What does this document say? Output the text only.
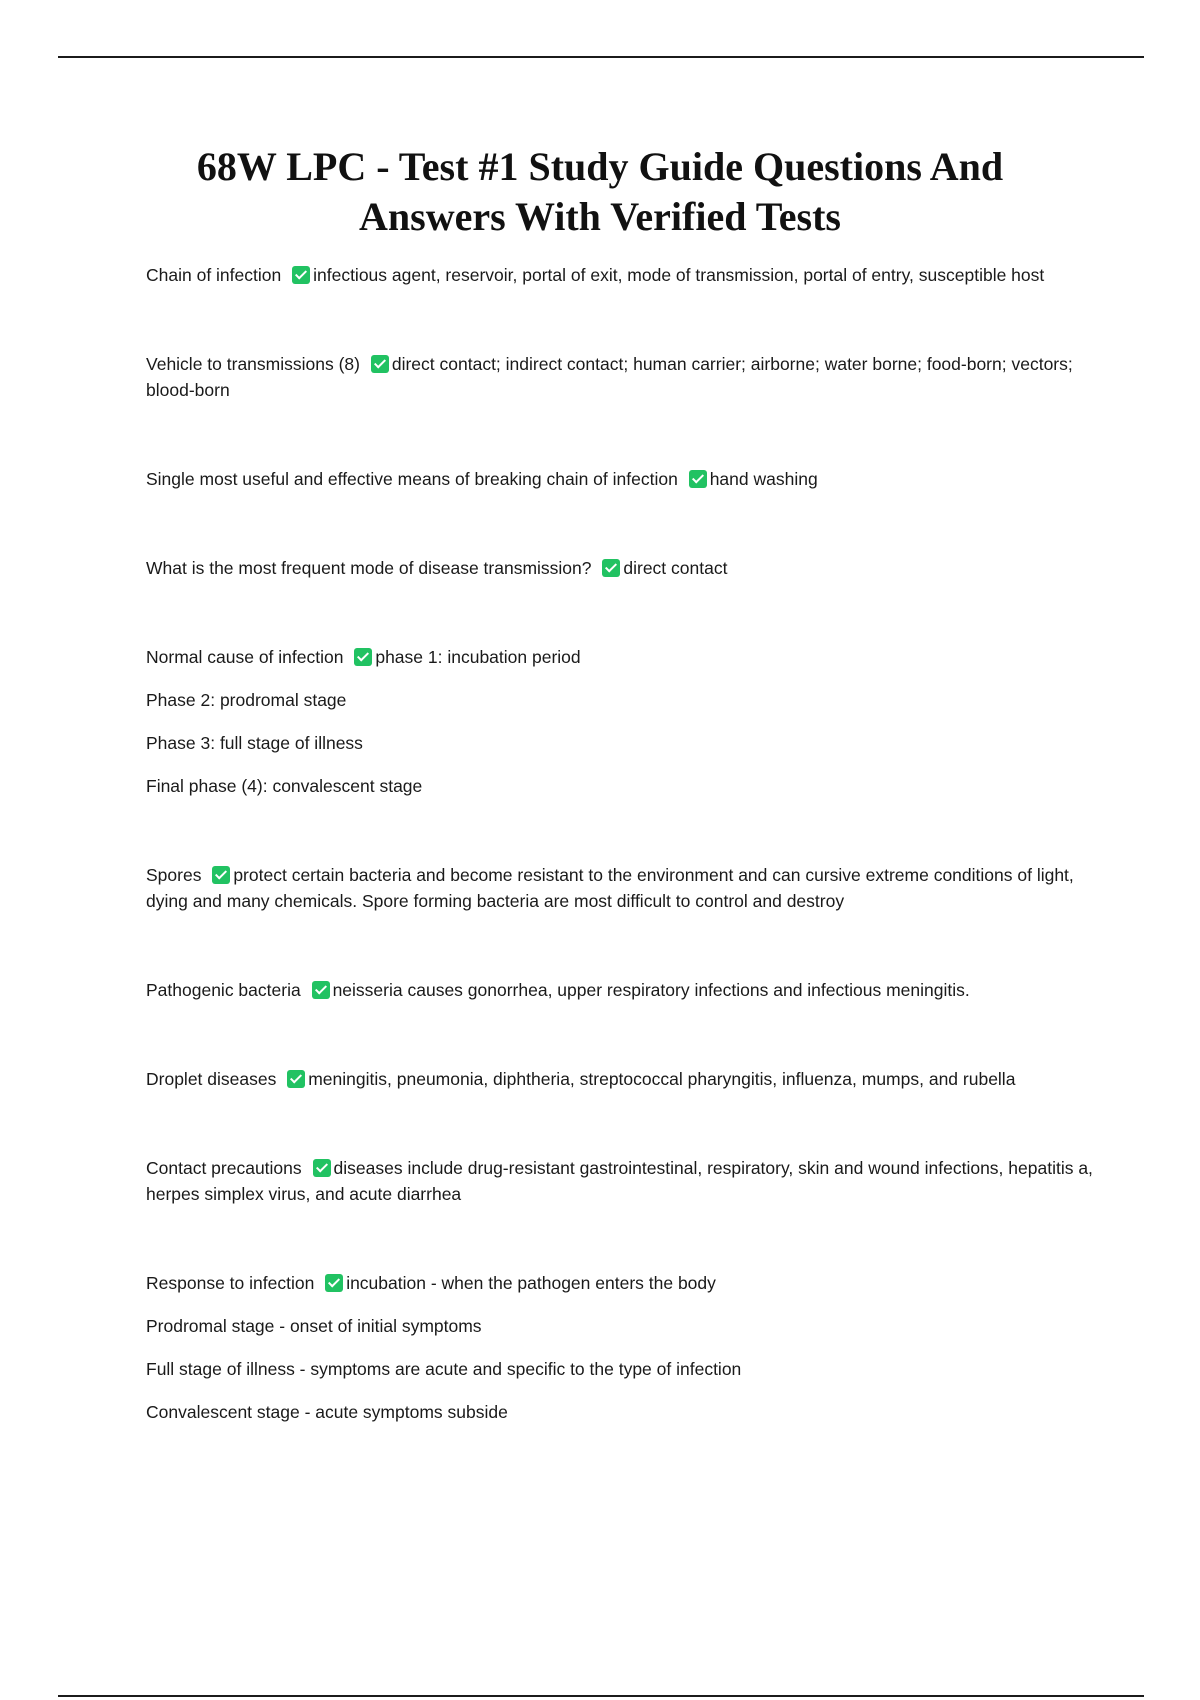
68W LPC - Test #1 Study Guide Questions And
Answers With Verified Tests

Chain of infection infectious agent, reservoir, portal of exit, mode of transmission, portal of entry, susceptible host

Vehicle to transmissions (8) direct contact; indirect contact; human carrier; airborne; water borne; food-born; vectors; blood-born

Single most useful and effective means of breaking chain of infection hand washing

What is the most frequent mode of disease transmission? direct contact

Normal cause of infection phase 1: incubation period

Phase 2: prodromal stage

Phase 3: full stage of illness

Final phase (4): convalescent stage

Spores protect certain bacteria and become resistant to the environment and can cursive extreme conditions of light, dying and many chemicals. Spore forming bacteria are most difficult to control and destroy

Pathogenic bacteria neisseria causes gonorrhea, upper respiratory infections and infectious meningitis.

Droplet diseases meningitis, pneumonia, diphtheria, streptococcal pharyngitis, influenza, mumps, and rubella

Contact precautions diseases include drug-resistant gastrointestinal, respiratory, skin and wound infections, hepatitis a, herpes simplex virus, and acute diarrhea

Response to infection incubation - when the pathogen enters the body

Prodromal stage - onset of initial symptoms

Full stage of illness - symptoms are acute and specific to the type of infection

Convalescent stage - acute symptoms subside
